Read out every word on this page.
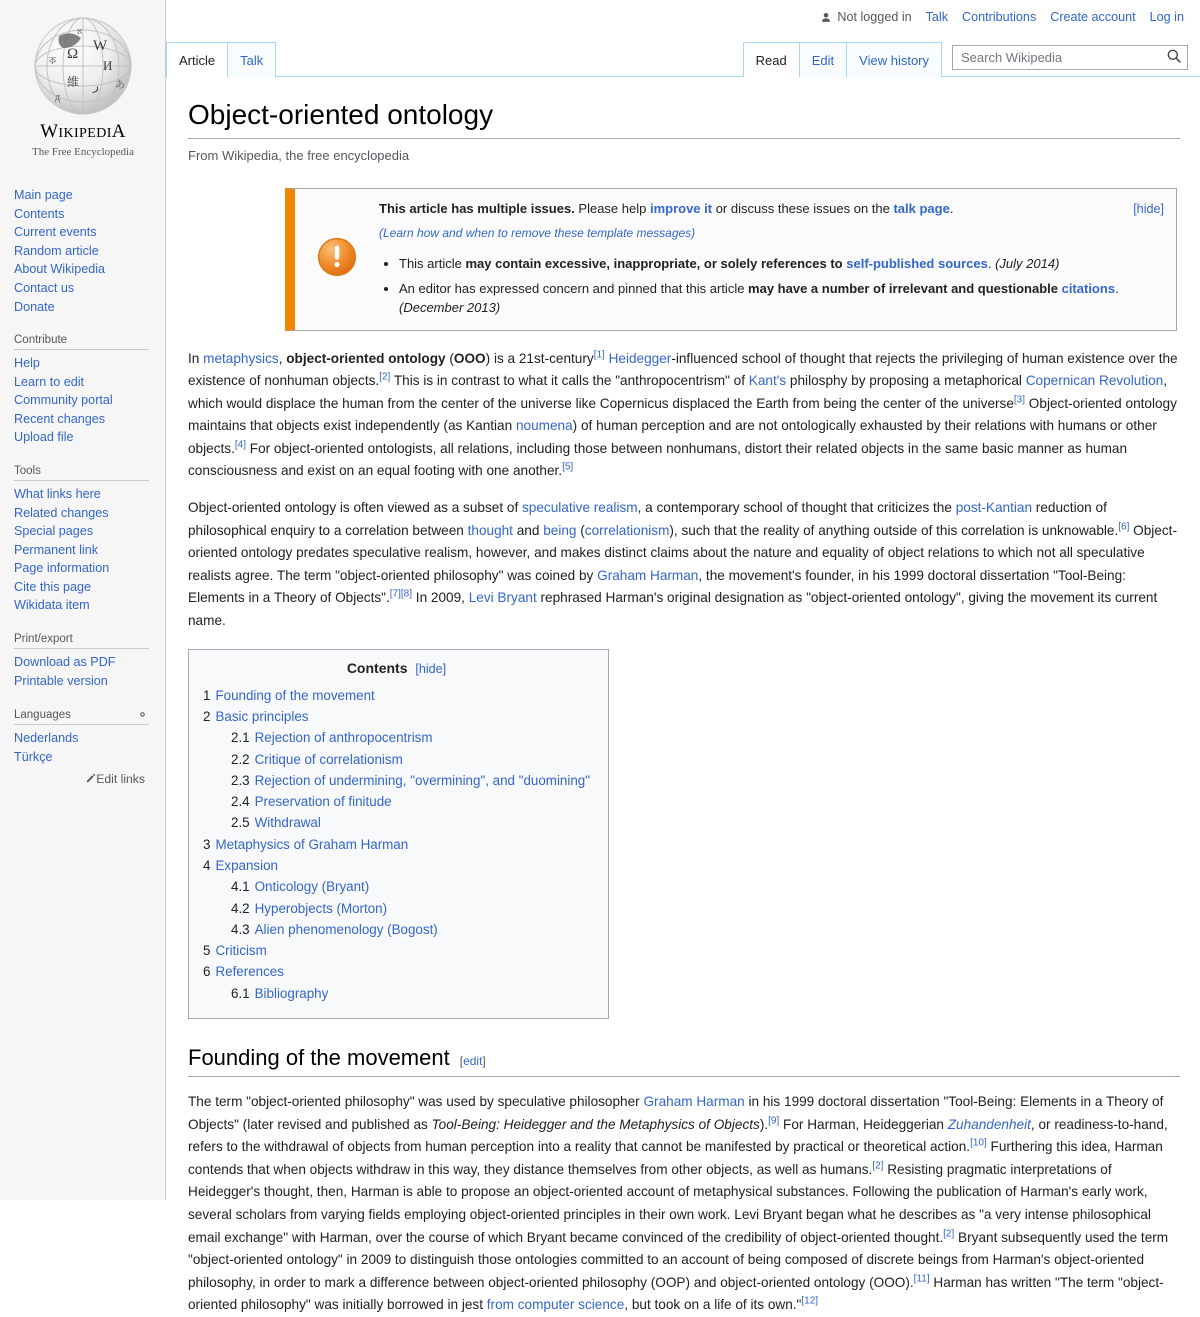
Ω W
И
維 ر
ক
д
あ
א
WIKIPEDIA
The Free Encyclopedia
Main page
Contents
Current events
Random article
About Wikipedia
Contact us
Donate
Contribute
Help
Learn to edit
Community portal
Recent changes
Upload file
Tools
What links here
Related changes
Special pages
Permanent link
Page information
Cite this page
Wikidata item
Print/export
Download as PDF
Printable version
Languages
Nederlands
Türkçe
Edit links
Not logged in Talk Contributions Create account Log in
Article	Talk	Read	Edit	View history
Search Wikipedia
Object-oriented ontology
From Wikipedia, the free encyclopedia
This article has multiple issues. Please help improve it or discuss these issues on the talk page.	[hide]
(Learn how and when to remove these template messages)
• This article may contain excessive, inappropriate, or solely references to self-published sources. (July 2014)
• An editor has expressed concern and pinned that this article may have a number of irrelevant and questionable citations. (December 2013)

In metaphysics, object-oriented ontology (OOO) is a 21st-century[1] Heidegger-influenced school of thought that rejects the privileging of human existence over the existence of nonhuman objects.[2] This is in contrast to what it calls the "anthropocentrism" of Kant's philosphy by proposing a metaphorical Copernican Revolution, which would displace the human from the center of the universe like Copernicus displaced the Earth from being the center of the universe[3] Object-oriented ontology maintains that objects exist independently (as Kantian noumena) of human perception and are not ontologically exhausted by their relations with humans or other objects.[4] For object-oriented ontologists, all relations, including those between nonhumans, distort their related objects in the same basic manner as human consciousness and exist on an equal footing with one another.[5]

Object-oriented ontology is often viewed as a subset of speculative realism, a contemporary school of thought that criticizes the post-Kantian reduction of philosophical enquiry to a correlation between thought and being (correlationism), such that the reality of anything outside of this correlation is unknowable.[6] Object-oriented ontology predates speculative realism, however, and makes distinct claims about the nature and equality of object relations to which not all speculative realists agree. The term "object-oriented philosophy" was coined by Graham Harman, the movement's founder, in his 1999 doctoral dissertation "Tool-Being: Elements in a Theory of Objects".[7][8] In 2009, Levi Bryant rephrased Harman's original designation as "object-oriented ontology", giving the movement its current name.

Contents [hide]
1 Founding of the movement
2 Basic principles
2.1 Rejection of anthropocentrism
2.2 Critique of correlationism
2.3 Rejection of undermining, "overmining", and "duomining"
2.4 Preservation of finitude
2.5 Withdrawal
3 Metaphysics of Graham Harman
4 Expansion
4.1 Onticology (Bryant)
4.2 Hyperobjects (Morton)
4.3 Alien phenomenology (Bogost)
5 Criticism
6 References
6.1 Bibliography
Founding of the movement [edit]

The term "object-oriented philosophy" was used by speculative philosopher Graham Harman in his 1999 doctoral dissertation "Tool-Being: Elements in a Theory of Objects" (later revised and published as Tool-Being: Heidegger and the Metaphysics of Objects).[9] For Harman, Heideggerian Zuhandenheit, or readiness-to-hand, refers to the withdrawal of objects from human perception into a reality that cannot be manifested by practical or theoretical action.[10] Furthering this idea, Harman contends that when objects withdraw in this way, they distance themselves from other objects, as well as humans.[2] Resisting pragmatic interpretations of Heidegger's thought, then, Harman is able to propose an object-oriented account of metaphysical substances. Following the publication of Harman's early work, several scholars from varying fields employing object-oriented principles in their own work. Levi Bryant began what he describes as "a very intense philosophical email exchange" with Harman, over the course of which Bryant became convinced of the credibility of object-oriented thought.[2] Bryant subsequently used the term "object-oriented ontology" in 2009 to distinguish those ontologies committed to an account of being composed of discrete beings from Harman's object-oriented philosophy, in order to mark a difference between object-oriented philosophy (OOP) and object-oriented ontology (OOO).[11] Harman has written "The term "object-oriented philosophy" was initially borrowed in jest from computer science, but took on a life of its own."[12]
